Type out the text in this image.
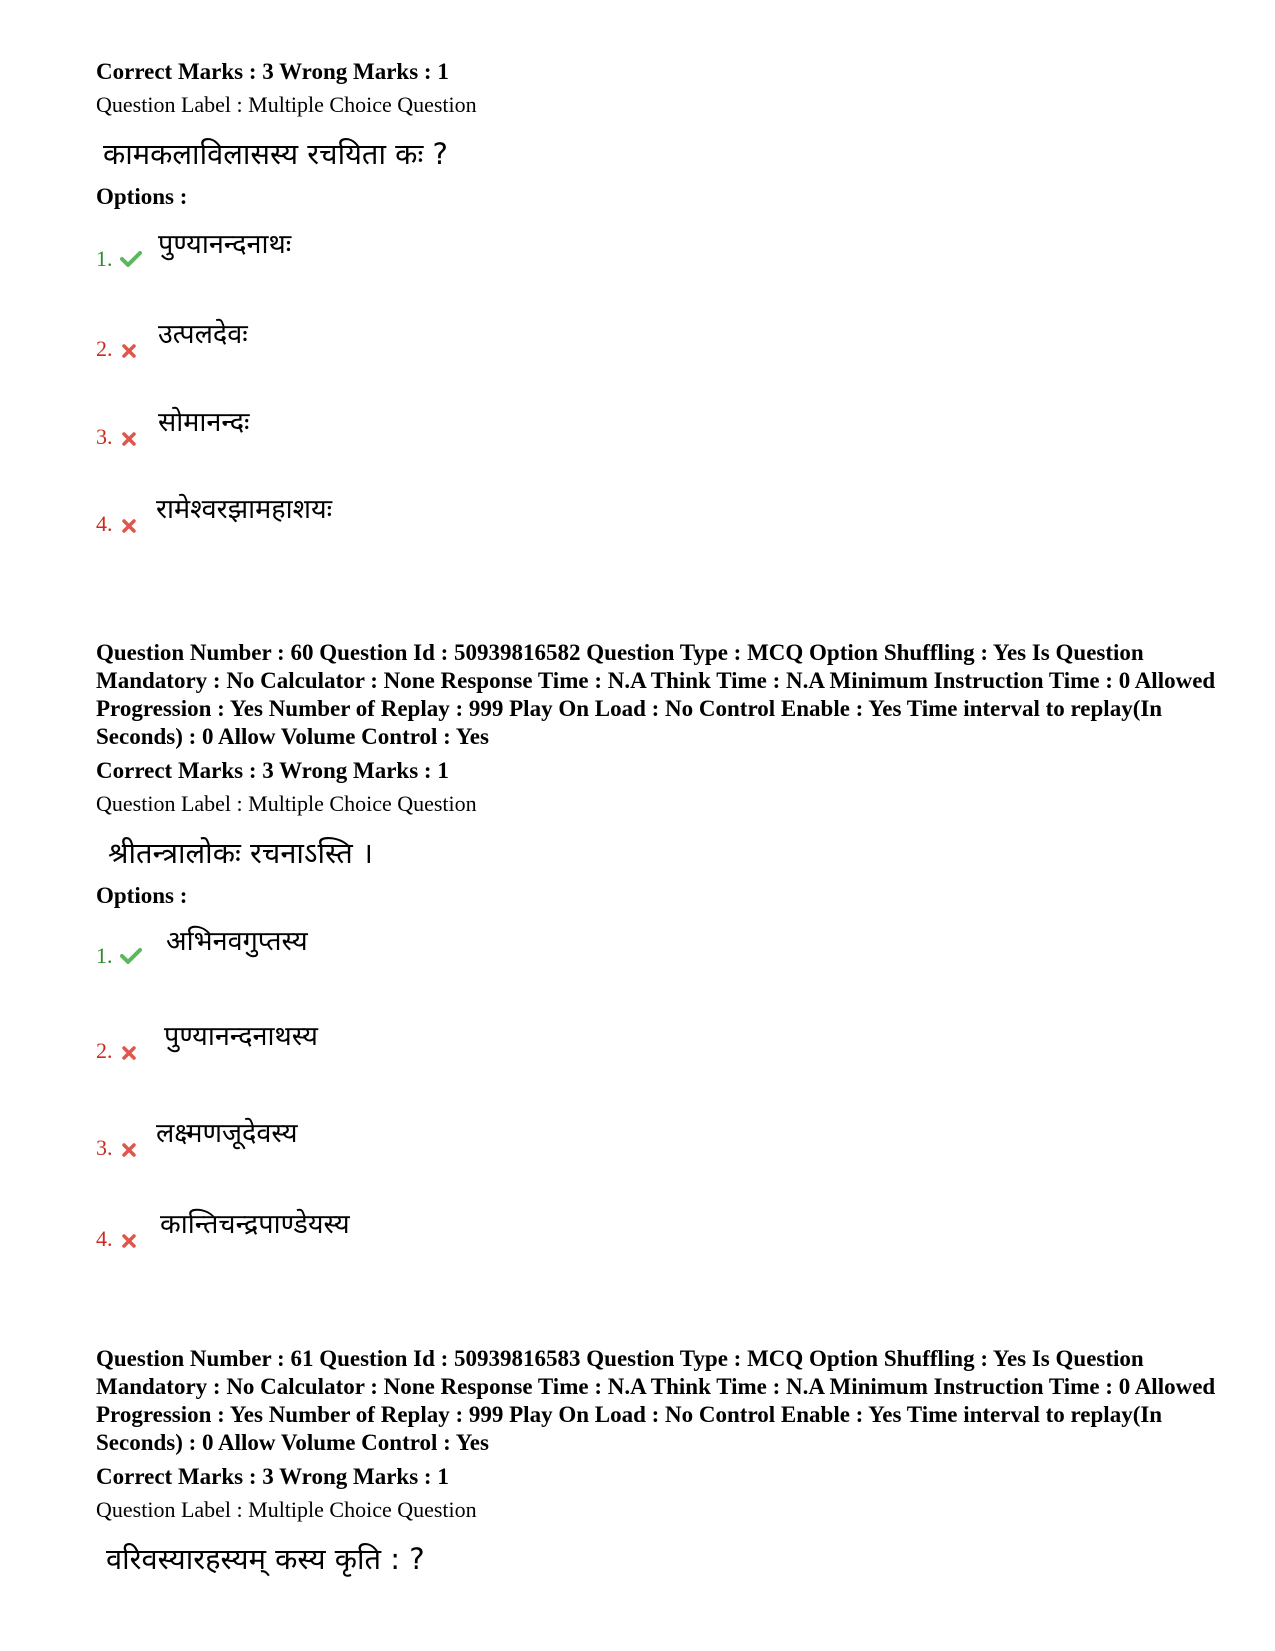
Correct Marks : 3 Wrong Marks : 1
Question Label : Multiple Choice Question
कामकलाविलासस्य रचयिता कः ?
Options :
1. पुण्यानन्दनाथः
2. उत्पलदेवः
3. सोमानन्दः
4. रामेश्वरझामहाशयः

Question Number : 60 Question Id : 50939816582 Question Type : MCQ Option Shuffling : Yes Is Question Mandatory : No Calculator : None Response Time : N.A Think Time : N.A Minimum Instruction Time : 0 Allowed Progression : Yes Number of Replay : 999 Play On Load : No Control Enable : Yes Time interval to replay(In Seconds) : 0 Allow Volume Control : Yes

Correct Marks : 3 Wrong Marks : 1
Question Label : Multiple Choice Question
श्रीतन्त्रालोकः रचनाऽस्ति ।
Options :
1. अभिनवगुप्तस्य
2. पुण्यानन्दनाथस्य
3. लक्ष्मणजूदेवस्य
4. कान्तिचन्द्रपाण्डेयस्य

Question Number : 61 Question Id : 50939816583 Question Type : MCQ Option Shuffling : Yes Is Question Mandatory : No Calculator : None Response Time : N.A Think Time : N.A Minimum Instruction Time : 0 Allowed Progression : Yes Number of Replay : 999 Play On Load : No Control Enable : Yes Time interval to replay(In Seconds) : 0 Allow Volume Control : Yes

Correct Marks : 3 Wrong Marks : 1
Question Label : Multiple Choice Question
वरिवस्यारहस्यम् कस्य कृति : ?
